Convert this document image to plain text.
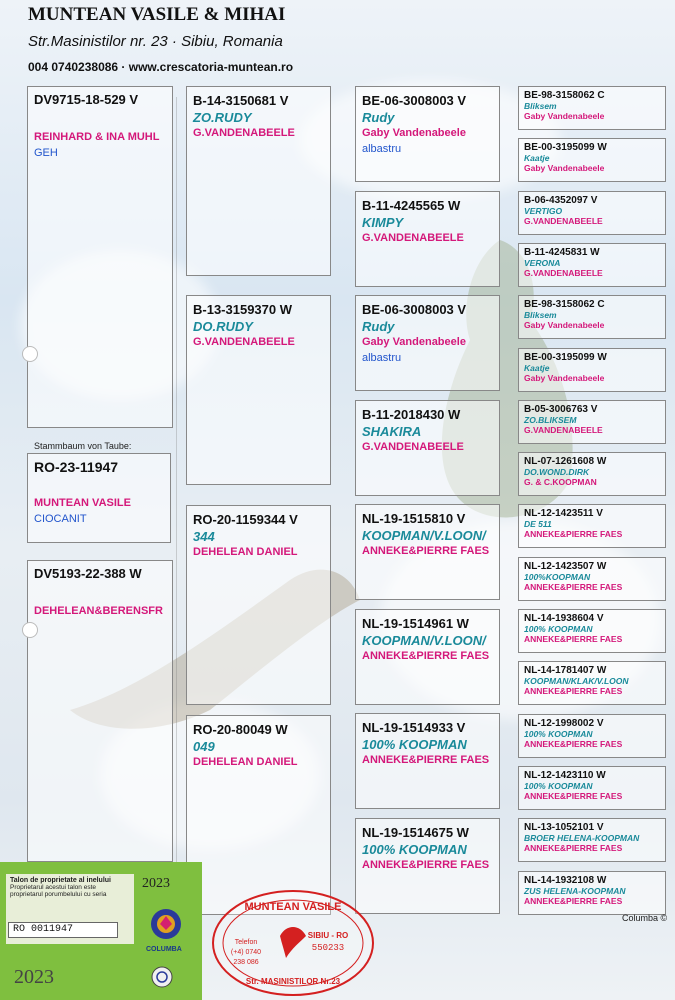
MUNTEAN VASILE & MIHAI
Str.Masinistilor nr. 23 · Sibiu, Romania
004 0740238086 · www.crescatoria-muntean.ro
DV9715-18-529 V
REINHARD & INA MUHL
GEH
Stammbaum von Taube:
RO-23-11947
MUNTEAN VASILE
CIOCANIT
DV5193-22-388 W
DEHELEAN&BERENSFR
B-14-3150681 V
ZO.RUDY
G.VANDENABEELE
B-13-3159370 W
DO.RUDY
G.VANDENABEELE
RO-20-1159344 V
344
DEHELEAN DANIEL
RO-20-80049 W
049
DEHELEAN DANIEL
BE-06-3008003 V
Rudy
Gaby Vandenabeele
albastru
B-11-4245565 W
KIMPY
G.VANDENABEELE
BE-06-3008003 V
Rudy
Gaby Vandenabeele
albastru
B-11-2018430 W
SHAKIRA
G.VANDENABEELE
NL-19-1515810 V
KOOPMAN/V.LOON/
ANNEKE&PIERRE FAES
NL-19-1514961 W
KOOPMAN/V.LOON/
ANNEKE&PIERRE FAES
NL-19-1514933 V
100% KOOPMAN
ANNEKE&PIERRE FAES
NL-19-1514675 W
100% KOOPMAN
ANNEKE&PIERRE FAES
BE-98-3158062 C
Bliksem
Gaby Vandenabeele
BE-00-3195099 W
Kaatje
Gaby Vandenabeele
B-06-4352097 V
VERTIGO
G.VANDENABEELE
B-11-4245831 W
VERONA
G.VANDENABEELE
BE-98-3158062 C
Bliksem
Gaby Vandenabeele
BE-00-3195099 W
Kaatje
Gaby Vandenabeele
B-05-3006763 V
ZO.BLIKSEM
G.VANDENABEELE
NL-07-1261608 W
DO.WOND.DIRK
G. & C.KOOPMAN
NL-12-1423511 V
DE 511
ANNEKE&PIERRE FAES
NL-12-1423507 W
100%KOOPMAN
ANNEKE&PIERRE FAES
NL-14-1938604 V
100% KOOPMAN
ANNEKE&PIERRE FAES
NL-14-1781407 W
KOOPMAN/KLAK/V.LOON
ANNEKE&PIERRE FAES
NL-12-1998002 V
100% KOOPMAN
ANNEKE&PIERRE FAES
NL-12-1423110 W
100% KOOPMAN
ANNEKE&PIERRE FAES
NL-13-1052101 V
BROER HELENA-KOOPMAN
ANNEKE&PIERRE FAES
NL-14-1932108 W
ZUS HELENA-KOOPMAN
ANNEKE&PIERRE FAES
Columba ©
Talon de proprietate al inelului
Proprietarul acestui talon este
proprietarul porumbelului cu seria
RO 0011947
2023
COLUMBA
2023
MUNTEAN VASILE
SIBIU - RO
550233
Telefon
(+4) 0740
238 086
Str. MASINISTILOR Nr.23
